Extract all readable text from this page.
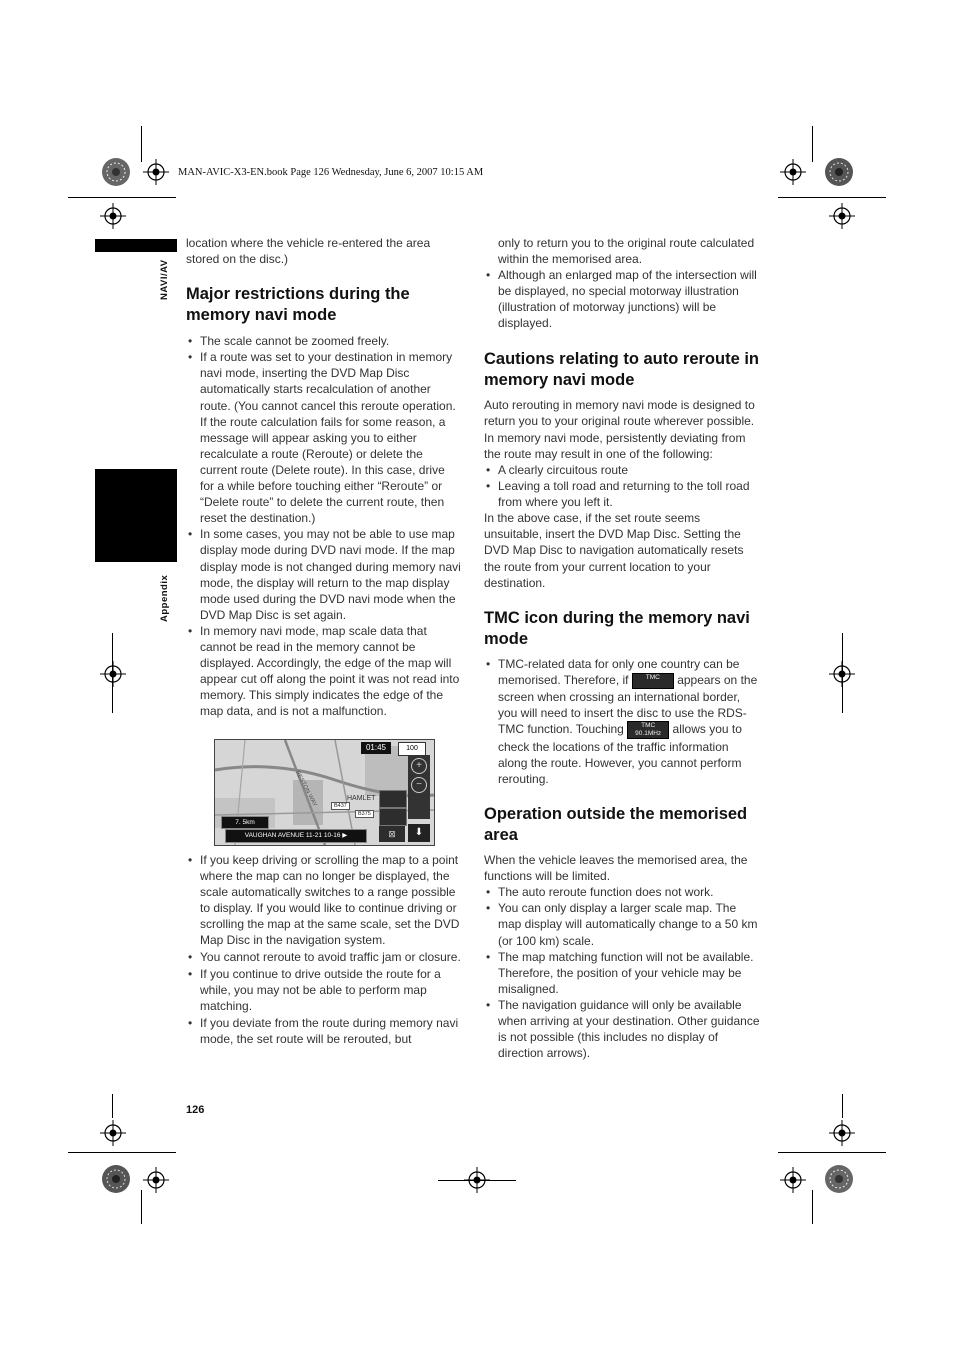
MAN-AVIC-X3-EN.book Page 126 Wednesday, June 6, 2007 10:15 AM
NAVI/AV
Appendix

location where the vehicle re-entered the area stored on the disc.)

Major restrictions during the memory navi mode
• The scale cannot be zoomed freely.
• If a route was set to your destination in memory navi mode, inserting the DVD Map Disc automatically starts recalculation of another route. (You cannot cancel this reroute operation. If the route calculation fails for some reason, a message will appear asking you to either recalculate a route (Reroute) or delete the current route (Delete route). In this case, drive for a while before touching either “Reroute” or “Delete route” to delete the current route, then reset the destination.)
• In some cases, you may not be able to use map display mode during DVD navi mode. If the map display mode is not changed during memory navi mode, the display will return to the map display mode used during the DVD navi mode when the DVD Map Disc is set again.
• In memory navi mode, map scale data that cannot be read in the memory cannot be displayed. Accordingly, the edge of the map will appear cut off along the point it was not read into memory. This simply indicates the edge of the map data, and is not a malfunction.
01:45	100
+
−
⬇
⊠
HAMLET
RESTON WAY	B437
B375
7. 5km
VAUGHAN AVENUE 11-21 10-16 ▶
• If you keep driving or scrolling the map to a point where the map can no longer be displayed, the scale automatically switches to a range possible to display. If you would like to continue driving or scrolling the map at the same scale, set the DVD Map Disc in the navigation system.
• You cannot reroute to avoid traffic jam or closure.
• If you continue to drive outside the route for a while, you may not be able to perform map matching.
• If you deviate from the route during memory navi mode, the set route will be rerouted, but
only to return you to the original route calculated within the memorised area.
• Although an enlarged map of the intersection will be displayed, no special motorway illustration (illustration of motorway junctions) will be displayed.
Cautions relating to auto reroute in memory navi mode

Auto rerouting in memory navi mode is designed to return you to your original route wherever possible.

In memory navi mode, persistently deviating from the route may result in one of the following:

• A clearly circuitous route
• Leaving a toll road and returning to the toll road from where you left it.

In the above case, if the set route seems unsuitable, insert the DVD Map Disc. Setting the DVD Map Disc to navigation automatically resets the route from your current location to your destination.

TMC icon during the memory navi mode
• TMC-related data for only one country can be memorised. Therefore, if	TMC appears on the screen when crossing an international border, you will need to insert the disc to use the RDS-TMC function. Touching	TMC
90.1MHz allows you to check the locations of the traffic information along the route. However, you cannot perform rerouting.
Operation outside the memorised area

When the vehicle leaves the memorised area, the functions will be limited.

• The auto reroute function does not work.
• You can only display a larger scale map. The map display will automatically change to a 50 km (or 100 km) scale.
• The map matching function will not be available. Therefore, the position of your vehicle may be misaligned.
• The navigation guidance will only be available when arriving at your destination. Other guidance is not possible (this includes no display of direction arrows).
126
